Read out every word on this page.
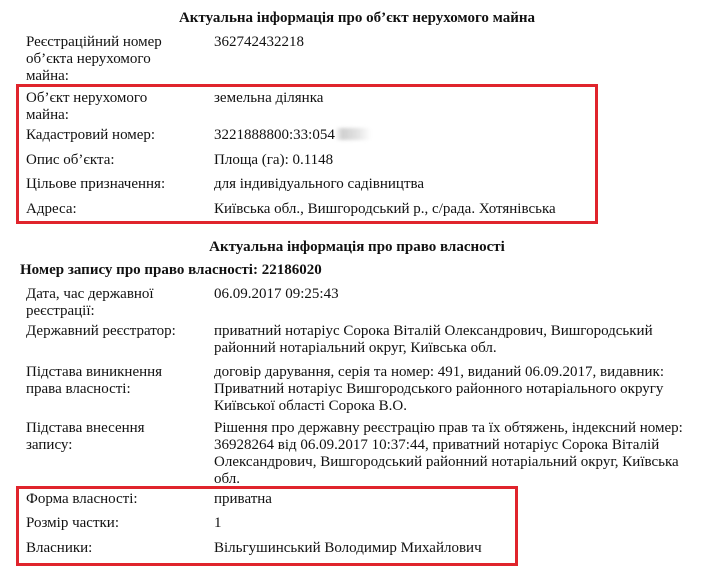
Актуальна інформація про об’єкт нерухомого майна
Реєстраційний номер об’єкта нерухомого майна:
362742432218
Об’єкт нерухомого майна:
земельна ділянка
Кадастровий номер:	3221888800:33:054
Опис об’єкта:	Площа (га): 0.1148
Цільове призначення:	для індивідуального садівництва
Адреса:	Київська обл., Вишгородський р., с/рада. Хотянівська
Актуальна інформація про право власності
Номер запису про право власності: 22186020
Дата, час державної реєстрації:
06.09.2017 09:25:43
Державний реєстратор:	приватний нотаріус Сорока Віталій Олександрович, Вишгородський районний нотаріальний округ, Київська обл.
Підстава виникнення права власності:
договір дарування, серія та номер: 491, виданий 06.09.2017, видавник: Приватний нотаріус Вишгородського районного нотаріального округу Київської області Сорока В.О.
Підстава внесення запису:
Рішення про державну реєстрацію прав та їх обтяжень, індексний номер: 36928264 від 06.09.2017 10:37:44, приватний нотаріус Сорока Віталій Олександрович, Вишгородський районний нотаріальний округ, Київська обл.
Форма власності:	приватна
Розмір частки:	1
Власники:	Вільгушинський Володимир Михайлович
